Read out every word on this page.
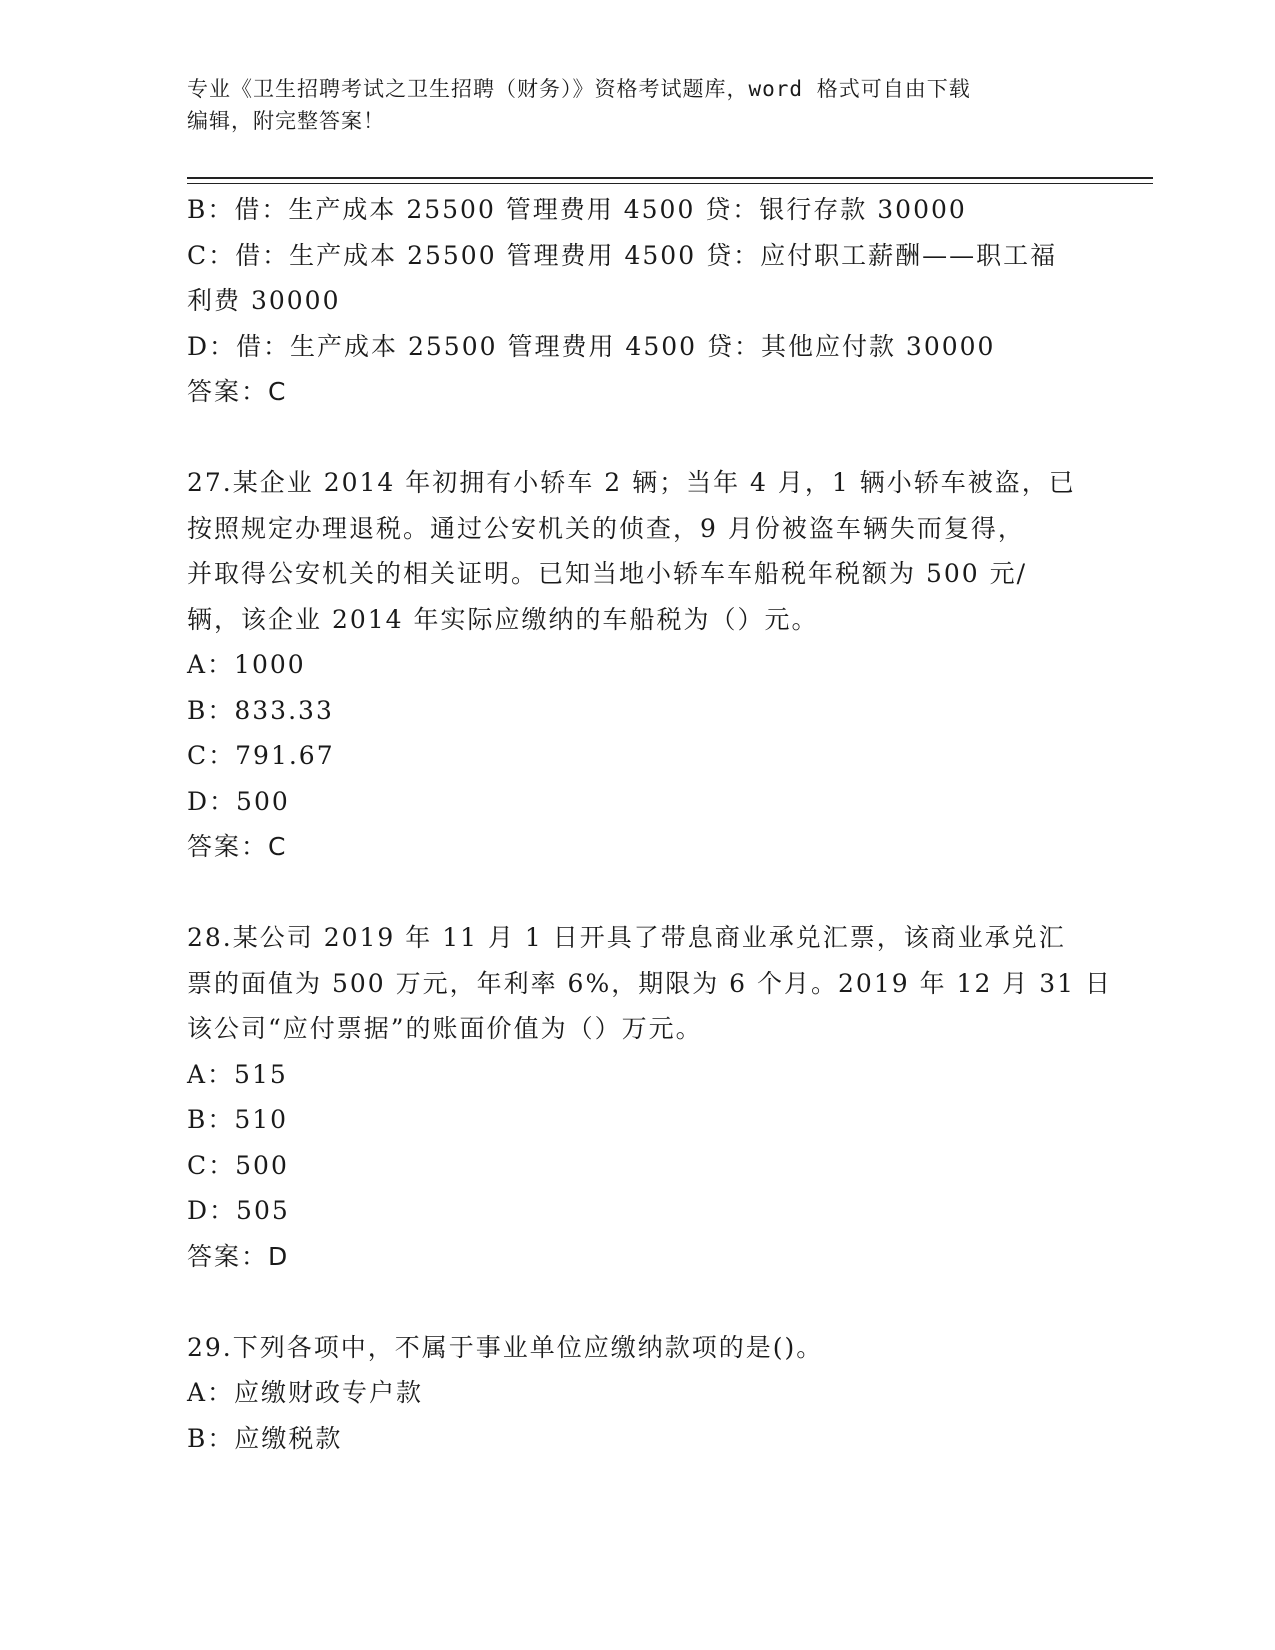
专业《卫生招聘考试之卫生招聘（财务）》资格考试题库，word 格式可自由下载
编辑，附完整答案！
B：借：生产成本 25500 管理费用 4500 贷：银行存款 30000
C：借：生产成本 25500 管理费用 4500 贷：应付职工薪酬——职工福
利费 30000
D：借：生产成本 25500 管理费用 4500 贷：其他应付款 30000
答案：C
27.某企业 2014 年初拥有小轿车 2 辆；当年 4 月，1 辆小轿车被盗，已
按照规定办理退税。通过公安机关的侦查，9 月份被盗车辆失而复得，
并取得公安机关的相关证明。已知当地小轿车车船税年税额为 500 元/
辆，该企业 2014 年实际应缴纳的车船税为（）元。
A：1000
B：833.33
C：791.67
D：500
答案：C
28.某公司 2019 年 11 月 1 日开具了带息商业承兑汇票，该商业承兑汇
票的面值为 500 万元，年利率 6%，期限为 6 个月。2019 年 12 月 31 日
该公司“应付票据”的账面价值为（）万元。
A：515
B：510
C：500
D：505
答案：D
29.下列各项中，不属于事业单位应缴纳款项的是()。
A：应缴财政专户款
B：应缴税款
